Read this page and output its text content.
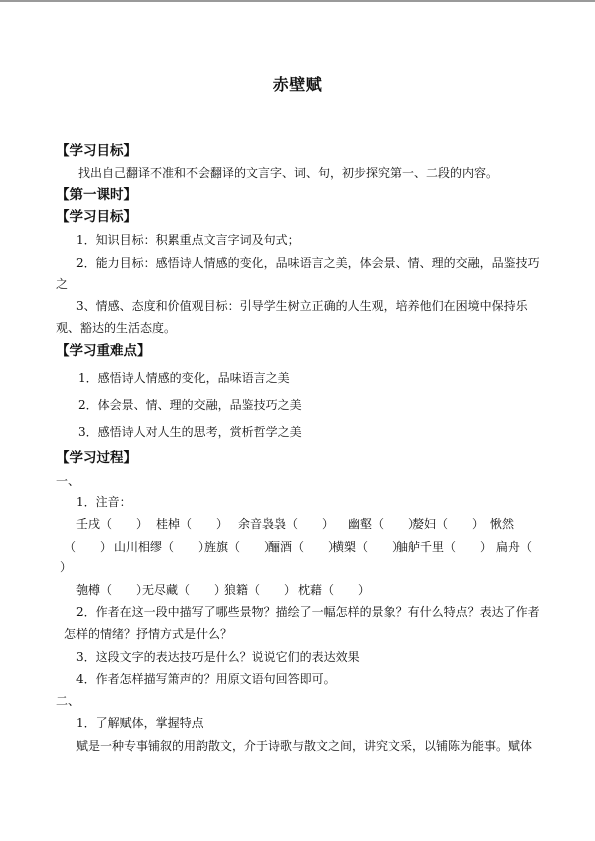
赤壁赋
【学习目标】
找出自己翻译不准和不会翻译的文言字、词、句，初步探究第一、二段的内容。
【第一课时】
【学习目标】
1．知识目标：积累重点文言字词及句式；
2．能力目标：感悟诗人情感的变化，品味语言之美，体会景、情、理的交融，品鉴技巧
之
3、情感、态度和价值观目标：引导学生树立正确的人生观，培养他们在困境中保持乐
观、豁达的生活态度。
【学习重难点】
1．感悟诗人情感的变化，品味语言之美
2．体会景、情、理的交融，品鉴技巧之美
3．感悟诗人对人生的思考，赏析哲学之美
【学习过程】
一、
1．注音：
壬戌（　　） 桂棹（　　） 余音袅袅（　　） 幽壑（　　）嫠妇（　　） 愀然
（　　） 山川相缪（　　）旌旗（　　）酾酒（　　）横槊（　　）舳舻千里（　　） 扁舟（
）
匏樽（　　）无尽藏（　　）狼籍（　　） 枕藉（　　）
2．作者在这一段中描写了哪些景物？描绘了一幅怎样的景象？有什么特点？表达了作者
怎样的情绪？抒情方式是什么？
3．这段文字的表达技巧是什么？说说它们的表达效果
4．作者怎样描写箫声的？用原文语句回答即可。
二、
1．了解赋体，掌握特点
赋是一种专事铺叙的用韵散文，介于诗歌与散文之间，讲究文采，以铺陈为能事。赋体
